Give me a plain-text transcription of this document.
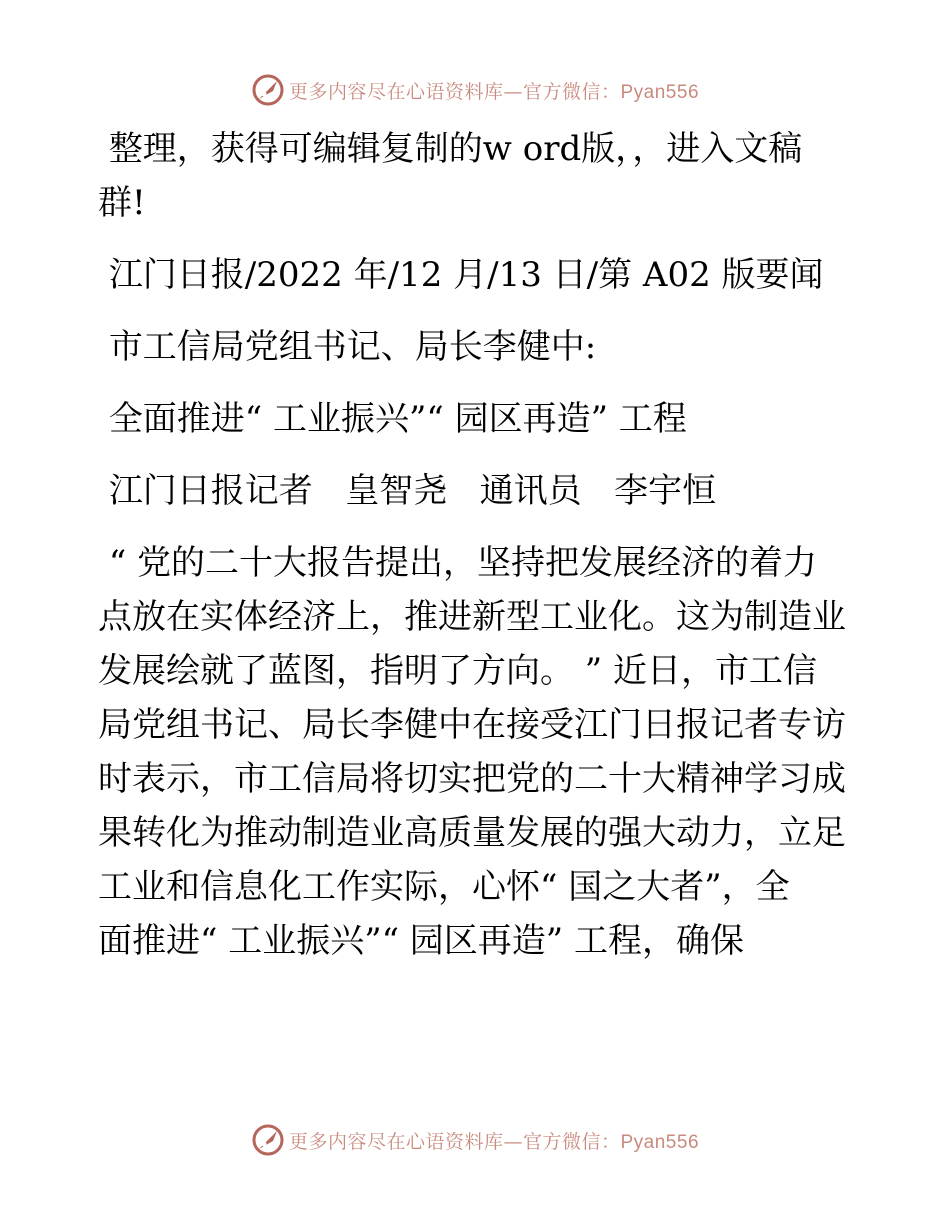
更多内容尽在心语资料库—官方微信：Pyan556

整理，获得可编辑复制的w ord版，，进入文稿

群!

江门日报/2022 年/12 月/13 日/第 A02 版要闻

市工信局党组书记、局长李健中:

全面推进“ 工业振兴”“ 园区再造” 工程

江门日报记者   皇智尧   通讯员   李宇恒

“ 党的二十大报告提出，坚持把发展经济的着力

点放在实体经济上，推进新型工业化。这为制造业

发展绘就了蓝图，指明了方向。 ” 近日，市工信

局党组书记、局长李健中在接受江门日报记者专访

时表示，市工信局将切实把党的二十大精神学习成

果转化为推动制造业高质量发展的强大动力，立足

工业和信息化工作实际，心怀“ 国之大者”，全

面推进“ 工业振兴”“ 园区再造” 工程，确保

更多内容尽在心语资料库—官方微信：Pyan556
